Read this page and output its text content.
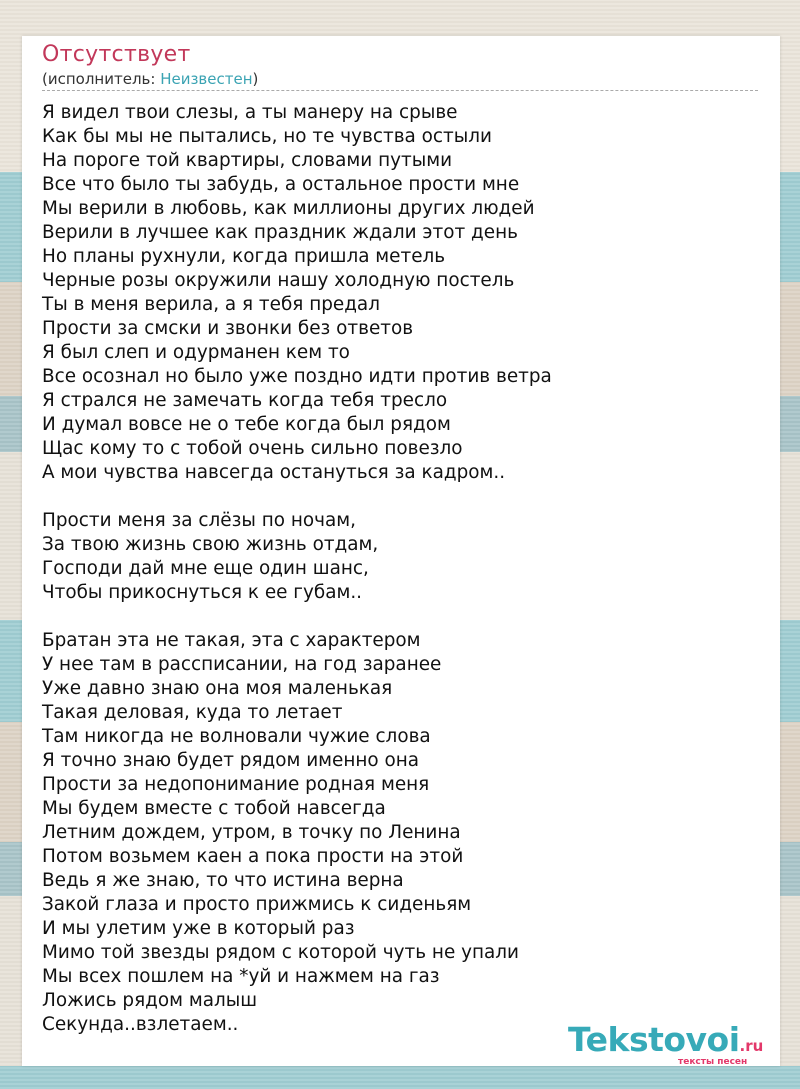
Отсутствует
(исполнитель: Неизвестен)
Я видел твои слезы, а ты манеру на срыве
Как бы мы не пытались, но те чувства остыли
На пороге той квартиры, словами путыми
Все что было ты забудь, а остальное прости мне
Мы верили в любовь, как миллионы других людей
Верили в лучшее как праздник ждали этот день
Но планы рухнули, когда пришла метель
Черные розы окружили нашу холодную постель
Ты в меня верила, а я тебя предал
Прости за смски и звонки без ответов
Я был слеп и одурманен кем то
Все осознал но было уже поздно идти против ветра
Я стрался не замечать когда тебя тресло
И думал вовсе не о тебе когда был рядом
Щас кому то с тобой очень сильно повезло
А мои чувства навсегда остануться за кадром..
Прости меня за слёзы по ночам,
За твою жизнь свою жизнь отдам,
Господи дай мне еще один шанс,
Чтобы прикоснуться к ее губам..
Братан эта не такая, эта с характером
У нее там в рассписании, на год заранее
Уже давно знаю она моя маленькая
Такая деловая, куда то летает
Там никогда не волновали чужие слова
Я точно знаю будет рядом именно она
Прости за недопонимание родная меня
Мы будем вместе с тобой навсегда
Летним дождем, утром, в точку по Ленина
Потом возьмем каен а пока прости на этой
Ведь я же знаю, то что истина верна
Закой глаза и просто прижмись к сиденьям
И мы улетим уже в который раз
Мимо той звезды рядом с которой чуть не упали
Мы всех пошлем на *уй и нажмем на газ
Ложись рядом малыш
Секунда..взлетаем..	Tekstovoi.ru
тексты песен
